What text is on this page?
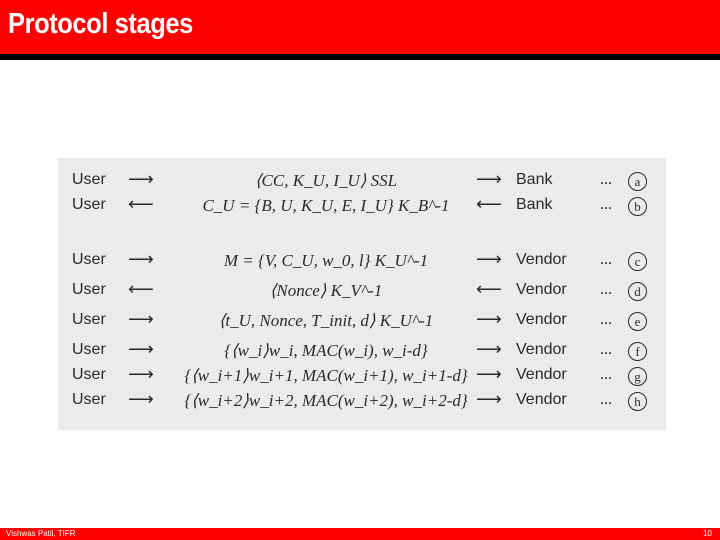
Protocol stages
User ⟶	⟨CC, K_U, I_U⟩ SSL	⟶ Bank	...	a
User ⟵	C_U = {B, U, K_U, E, I_U} K_B^-1	⟵ Bank	...	b
User ⟶	M = {V, C_U, w_0, l} K_U^-1	⟶ Vendor ...	c
User ⟵	⟨Nonce⟩ K_V^-1	⟵ Vendor ...	d
User ⟶	⟨t_U, Nonce, T_init, d⟩ K_U^-1	⟶ Vendor ...	e
User ⟶	{⟨w_i⟩w_i, MAC(w_i), w_i-d}	⟶ Vendor ...	f
User ⟶	{⟨w_i+1⟩w_i+1, MAC(w_i+1), w_i+1-d} ⟶ Vendor ...	g
User ⟶	{⟨w_i+2⟩w_i+2, MAC(w_i+2), w_i+2-d} ⟶ Vendor ...	h
Vishwas Patil, TIFR	10
